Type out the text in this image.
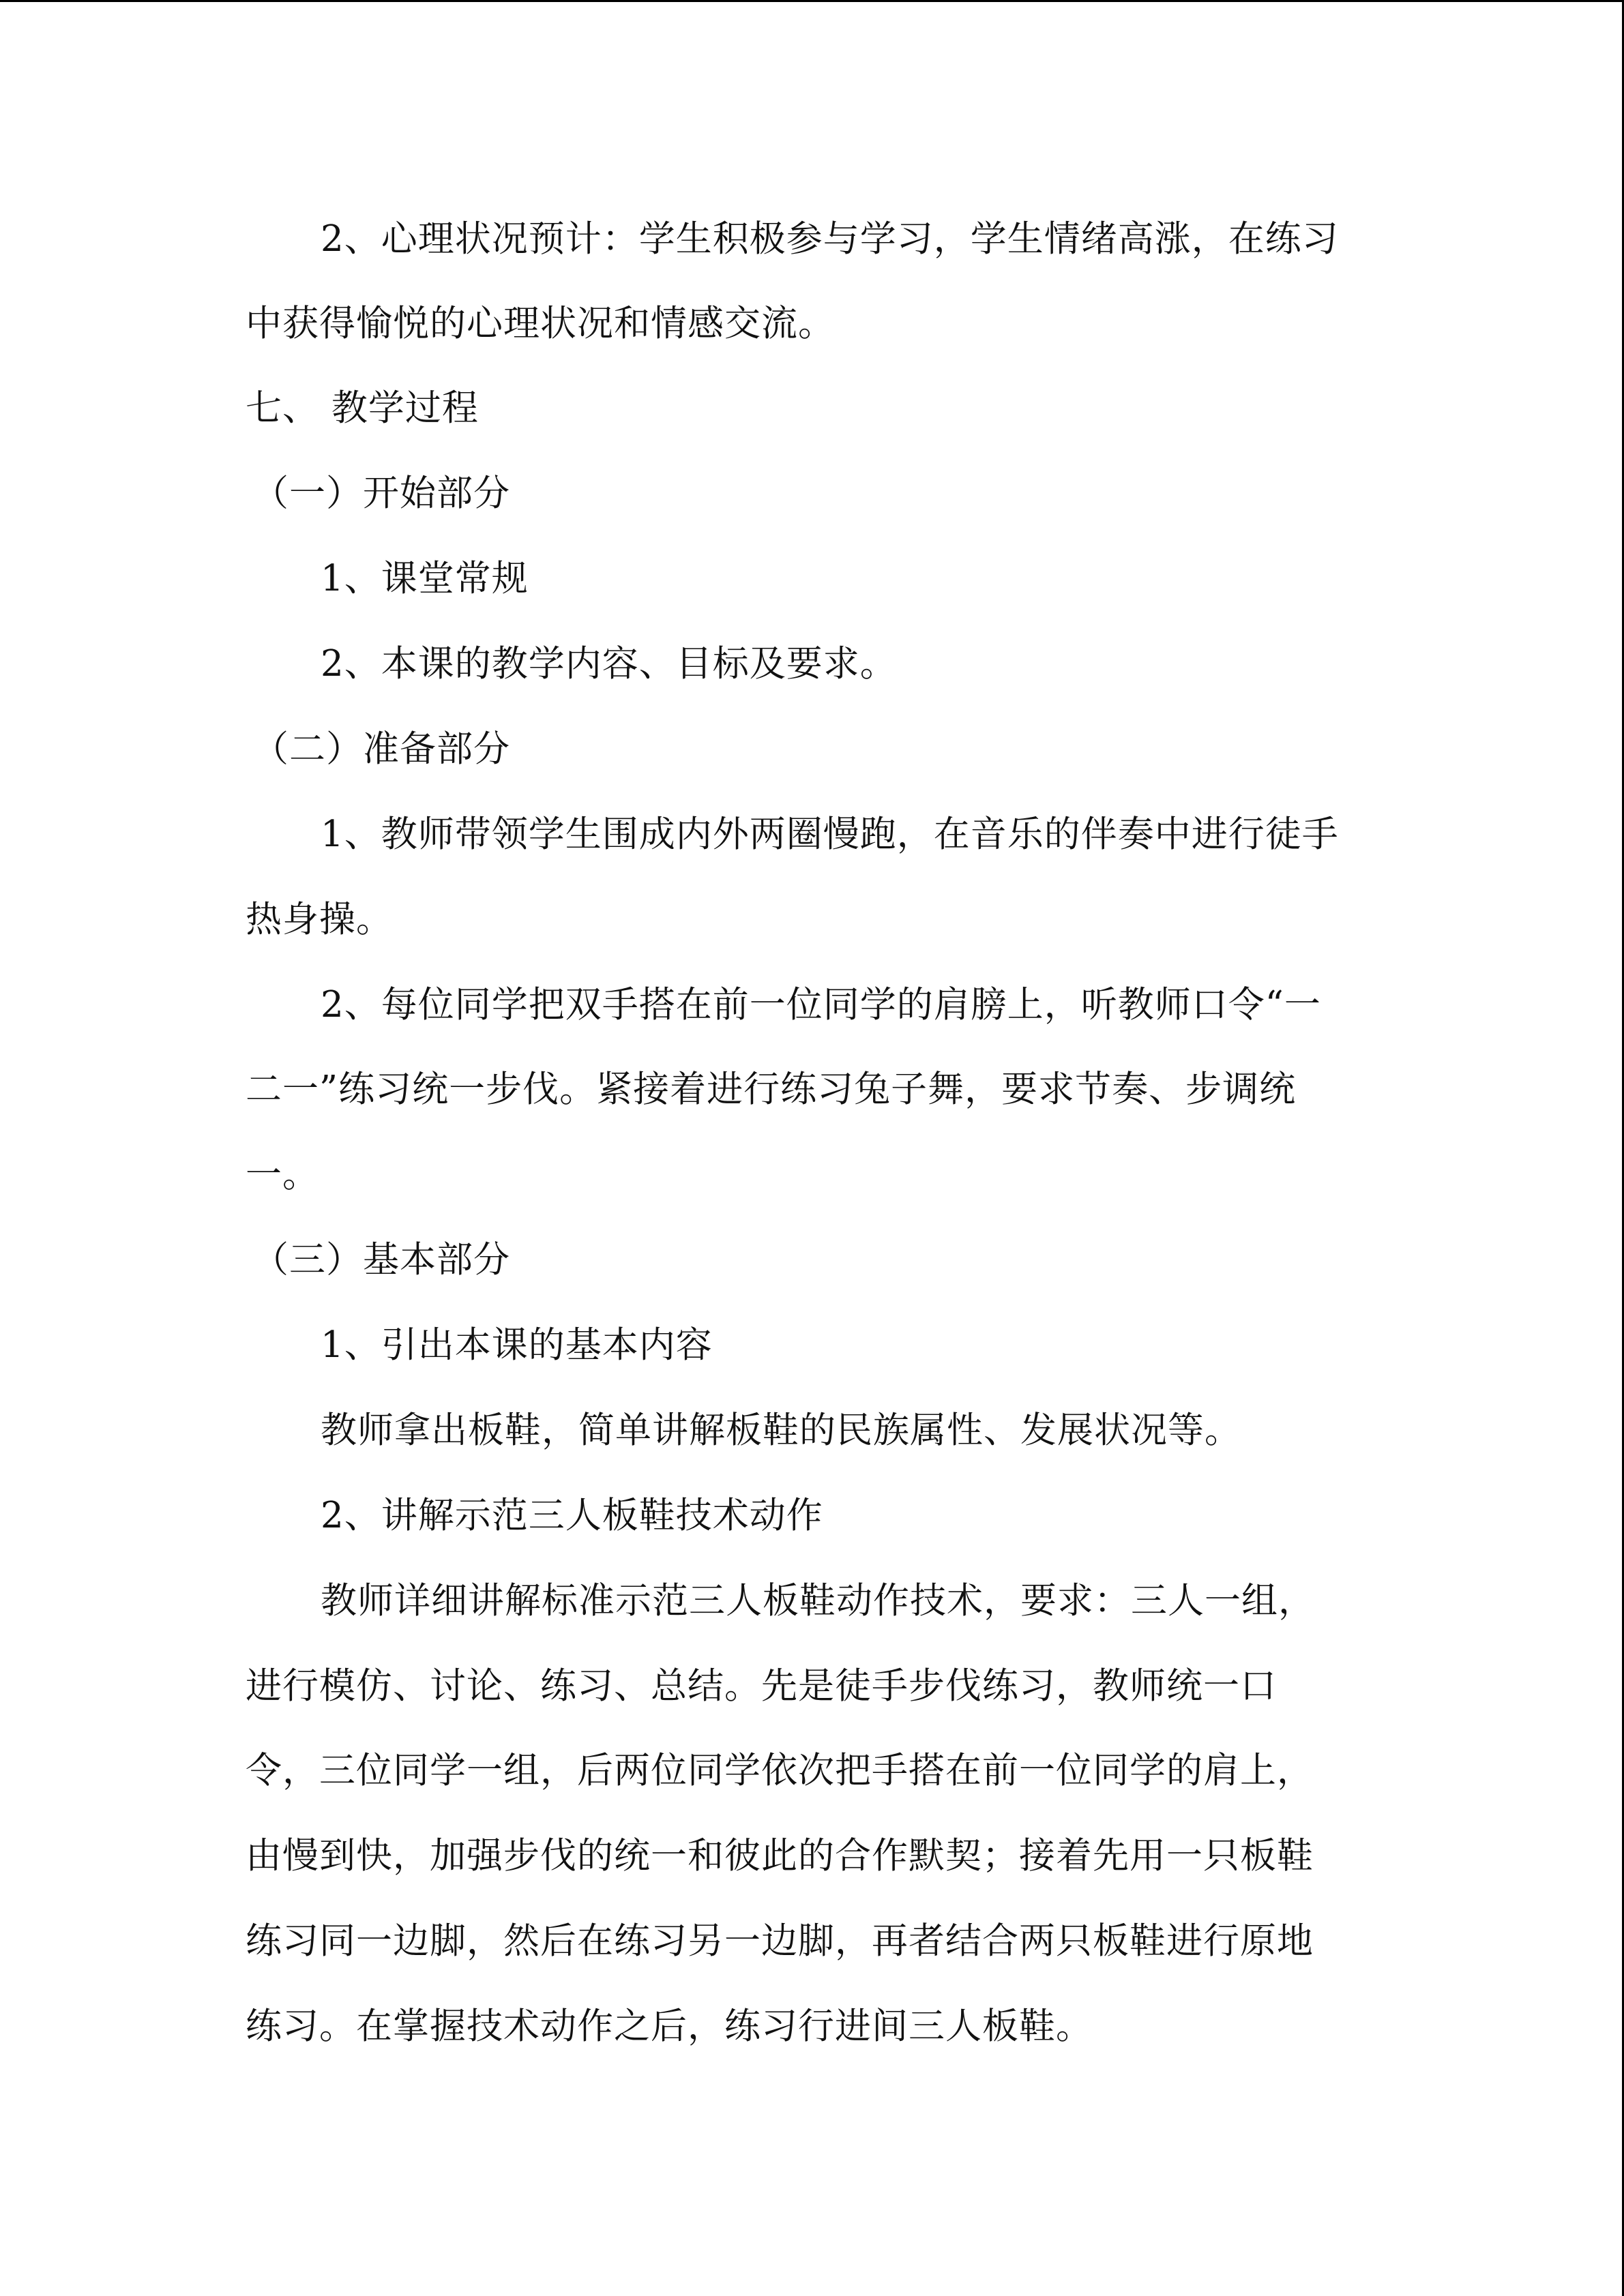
2、心理状况预计：学生积极参与学习，学生情绪高涨，在练习
中获得愉悦的心理状况和情感交流。
七、 教学过程
（一）开始部分
1、课堂常规
2、本课的教学内容、目标及要求。
（二）准备部分
1、教师带领学生围成内外两圈慢跑，在音乐的伴奏中进行徒手
热身操。
2、每位同学把双手搭在前一位同学的肩膀上，听教师口令“一
二一”练习统一步伐。紧接着进行练习兔子舞，要求节奏、步调统
一。
（三）基本部分
1、引出本课的基本内容
教师拿出板鞋，简单讲解板鞋的民族属性、发展状况等。
2、讲解示范三人板鞋技术动作
教师详细讲解标准示范三人板鞋动作技术，要求：三人一组，
进行模仿、讨论、练习、总结。先是徒手步伐练习，教师统一口
令，三位同学一组，后两位同学依次把手搭在前一位同学的肩上，
由慢到快，加强步伐的统一和彼此的合作默契；接着先用一只板鞋
练习同一边脚，然后在练习另一边脚，再者结合两只板鞋进行原地
练习。在掌握技术动作之后，练习行进间三人板鞋。
